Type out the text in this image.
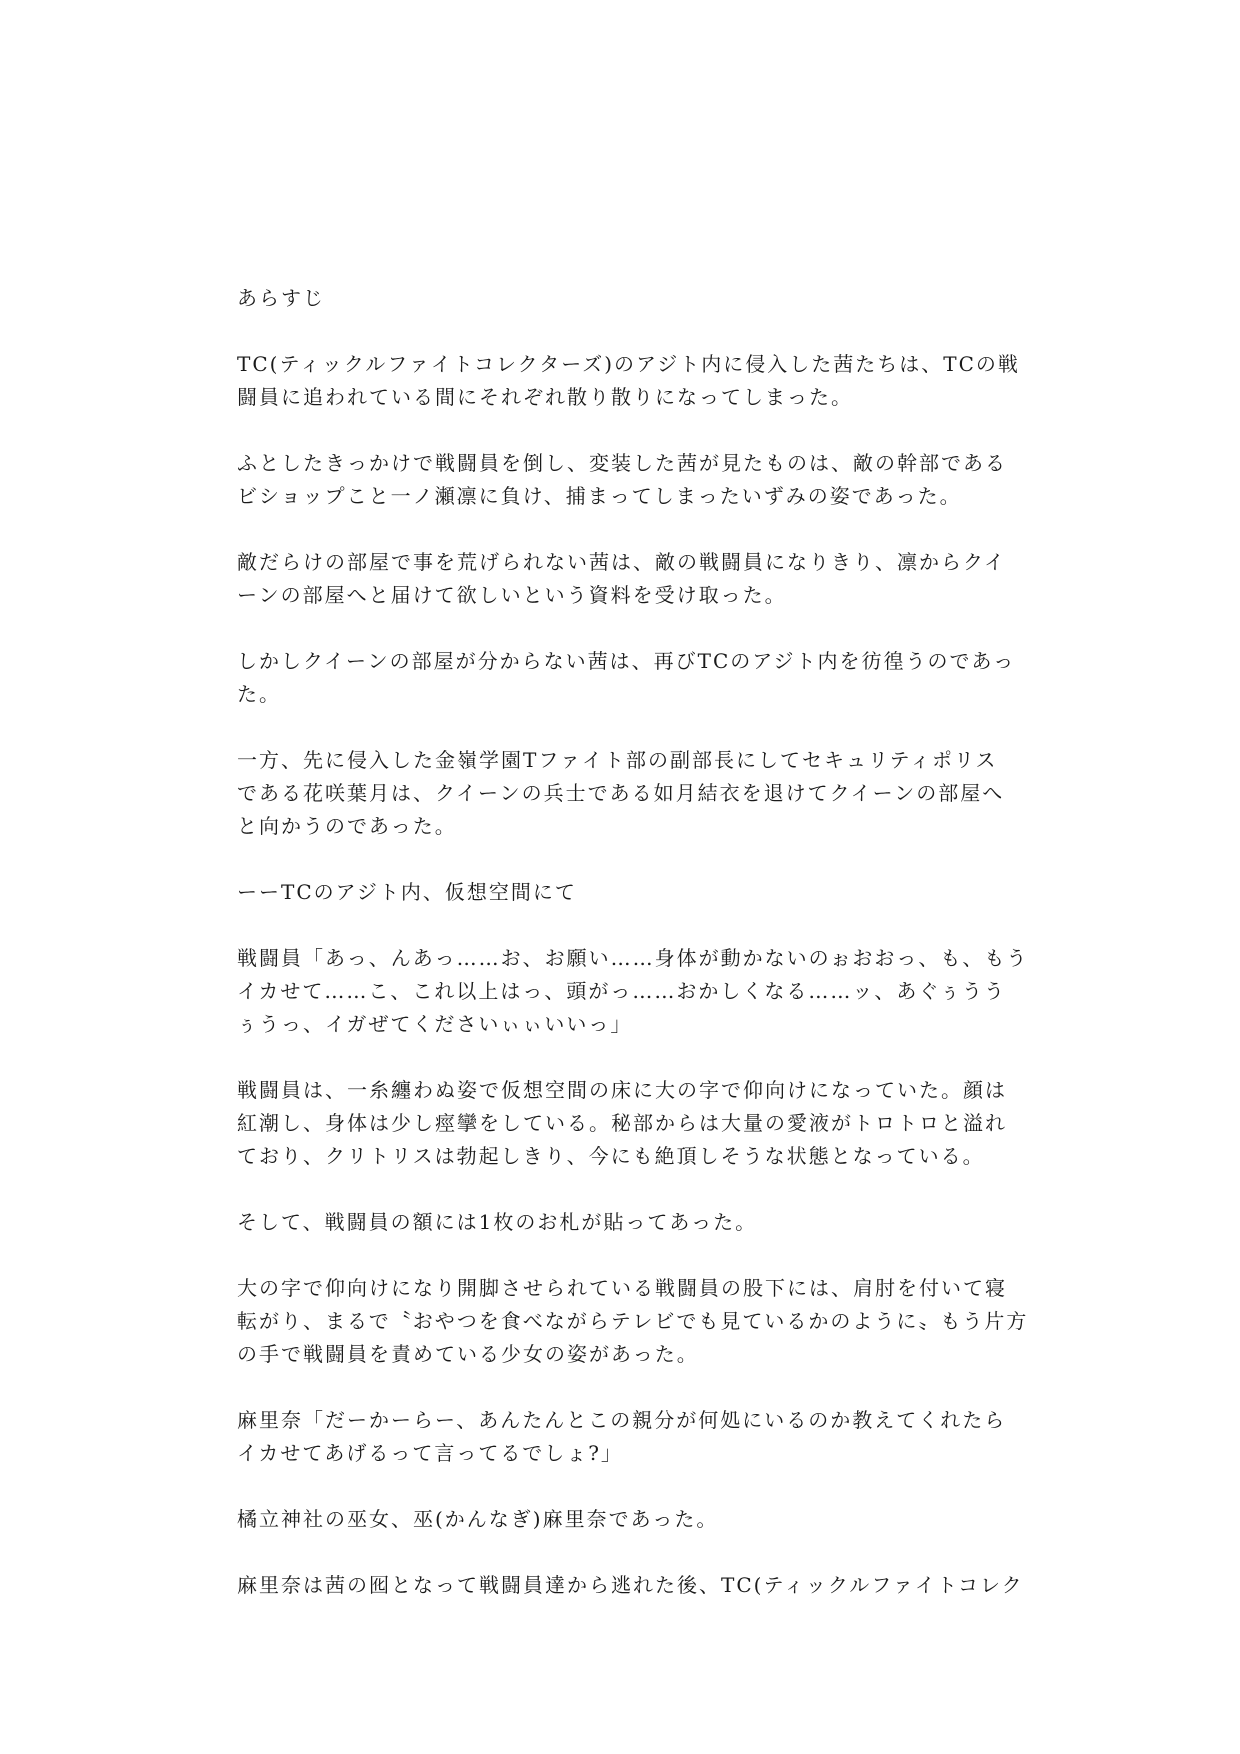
あらすじ

TC(ティックルファイトコレクターズ)のアジト内に侵入した茜たちは、TCの戦
闘員に追われている間にそれぞれ散り散りになってしまった。

ふとしたきっかけで戦闘員を倒し、変装した茜が見たものは、敵の幹部である
ビショップこと一ノ瀬凛に負け、捕まってしまったいずみの姿であった。

敵だらけの部屋で事を荒げられない茜は、敵の戦闘員になりきり、凛からクイ
ーンの部屋へと届けて欲しいという資料を受け取った。

しかしクイーンの部屋が分からない茜は、再びTCのアジト内を彷徨うのであっ
た。

一方、先に侵入した金嶺学園Tファイト部の副部長にしてセキュリティポリス
である花咲葉月は、クイーンの兵士である如月結衣を退けてクイーンの部屋へ
と向かうのであった。

ーーTCのアジト内、仮想空間にて

戦闘員「あっ、んあっ……お、お願い……身体が動かないのぉおおっ、も、もう
イカせて……こ、これ以上はっ、頭がっ……おかしくなる……ッ、あぐぅうう
ぅうっ、イガぜてくださいぃぃいいっ」

戦闘員は、一糸纏わぬ姿で仮想空間の床に大の字で仰向けになっていた。顔は
紅潮し、身体は少し痙攣をしている。秘部からは大量の愛液がトロトロと溢れ
ており、クリトリスは勃起しきり、今にも絶頂しそうな状態となっている。

そして、戦闘員の額には1枚のお札が貼ってあった。

大の字で仰向けになり開脚させられている戦闘員の股下には、肩肘を付いて寝
転がり、まるで〝おやつを食べながらテレビでも見ているかのように〟もう片方
の手で戦闘員を責めている少女の姿があった。

麻里奈「だーかーらー、あんたんとこの親分が何処にいるのか教えてくれたら
イカせてあげるって言ってるでしょ?」

橘立神社の巫女、巫(かんなぎ)麻里奈であった。

麻里奈は茜の囮となって戦闘員達から逃れた後、TC(ティックルファイトコレク
